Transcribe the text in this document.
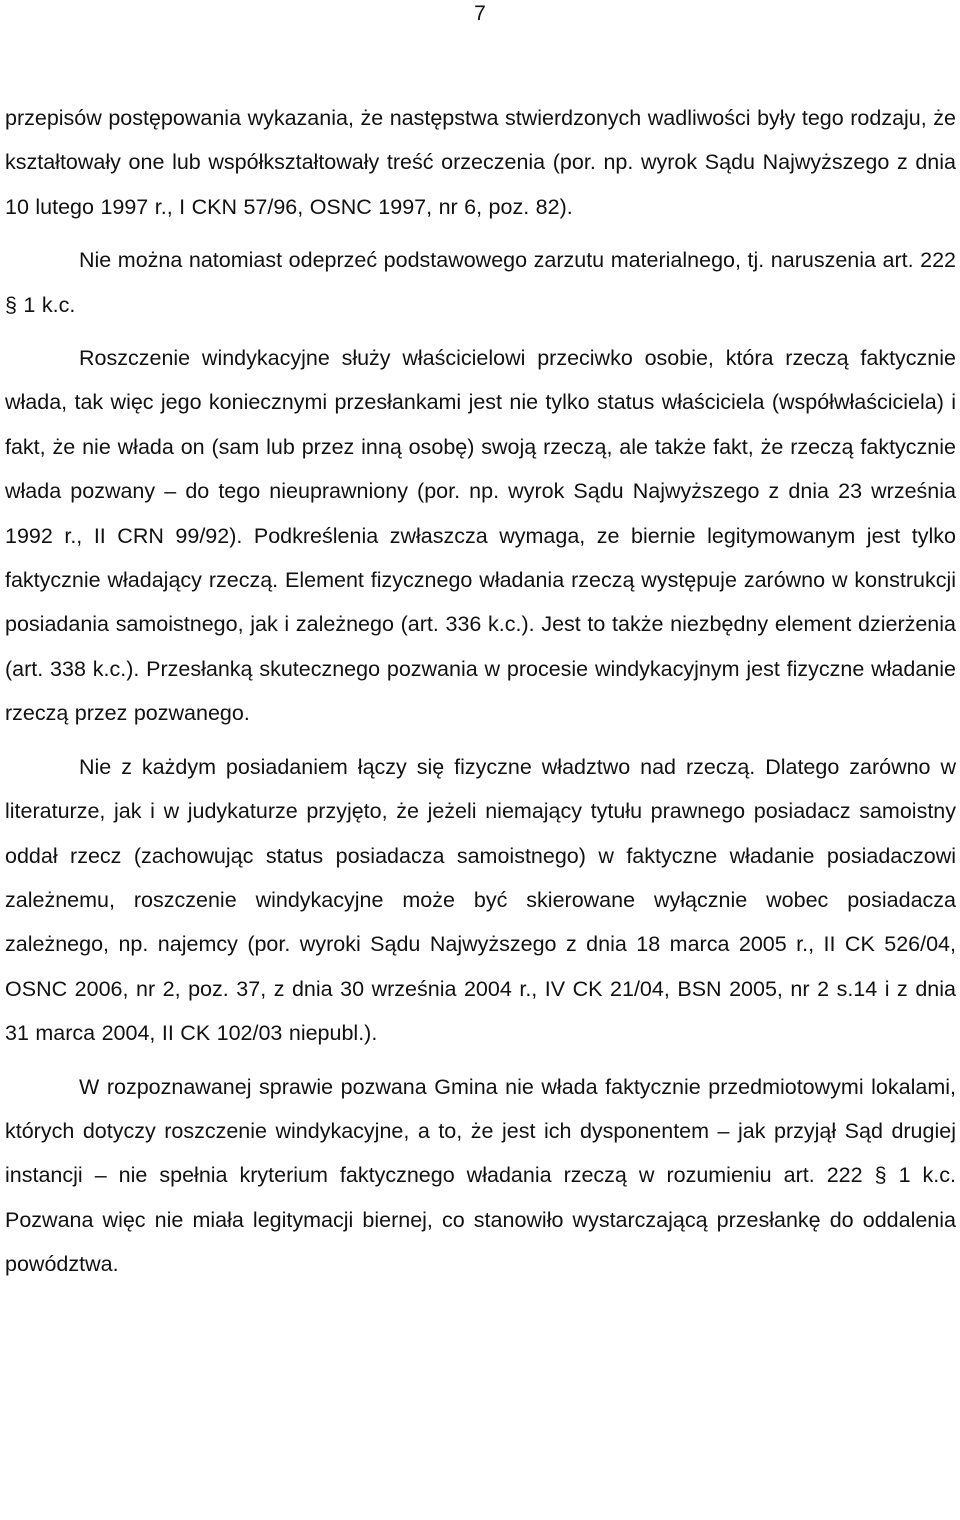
7

przepisów postępowania wykazania, że następstwa stwierdzonych wadliwości były tego rodzaju, że kształtowały one lub współkształtowały treść orzeczenia (por. np. wyrok Sądu Najwyższego z dnia 10 lutego 1997 r., I CKN 57/96, OSNC 1997, nr 6, poz. 82).

Nie można natomiast odeprzeć podstawowego zarzutu materialnego, tj. naruszenia art. 222 § 1 k.c.

Roszczenie windykacyjne służy właścicielowi przeciwko osobie, która rzeczą faktycznie włada, tak więc jego koniecznymi przesłankami jest nie tylko status właściciela (współwłaściciela) i fakt, że nie włada on (sam lub przez inną osobę) swoją rzeczą, ale także fakt, że rzeczą faktycznie włada pozwany – do tego nieuprawniony (por. np. wyrok Sądu Najwyższego z dnia 23 września 1992 r., II CRN 99/92). Podkreślenia zwłaszcza wymaga, ze biernie legitymowanym jest tylko faktycznie władający rzeczą. Element fizycznego władania rzeczą występuje zarówno w konstrukcji posiadania samoistnego, jak i zależnego (art. 336 k.c.). Jest to także niezbędny element dzierżenia (art. 338 k.c.). Przesłanką skutecznego pozwania w procesie windykacyjnym jest fizyczne władanie rzeczą przez pozwanego.

Nie z każdym posiadaniem łączy się fizyczne władztwo nad rzeczą. Dlatego zarówno w literaturze, jak i w judykaturze przyjęto, że jeżeli niemający tytułu prawnego posiadacz samoistny oddał rzecz (zachowując status posiadacza samoistnego) w faktyczne władanie posiadaczowi zależnemu, roszczenie windykacyjne może być skierowane wyłącznie wobec posiadacza zależnego, np. najemcy (por. wyroki Sądu Najwyższego z dnia 18 marca 2005 r., II CK 526/04, OSNC 2006, nr 2, poz. 37, z dnia 30 września 2004 r., IV CK 21/04, BSN 2005, nr 2 s.14 i z dnia 31 marca 2004, II CK 102/03 niepubl.).

W rozpoznawanej sprawie pozwana Gmina nie włada faktycznie przedmiotowymi lokalami, których dotyczy roszczenie windykacyjne, a to, że jest ich dysponentem – jak przyjął Sąd drugiej instancji – nie spełnia kryterium faktycznego władania rzeczą w rozumieniu art. 222 § 1 k.c. Pozwana więc nie miała legitymacji biernej, co stanowiło wystarczającą przesłankę do oddalenia powództwa.
